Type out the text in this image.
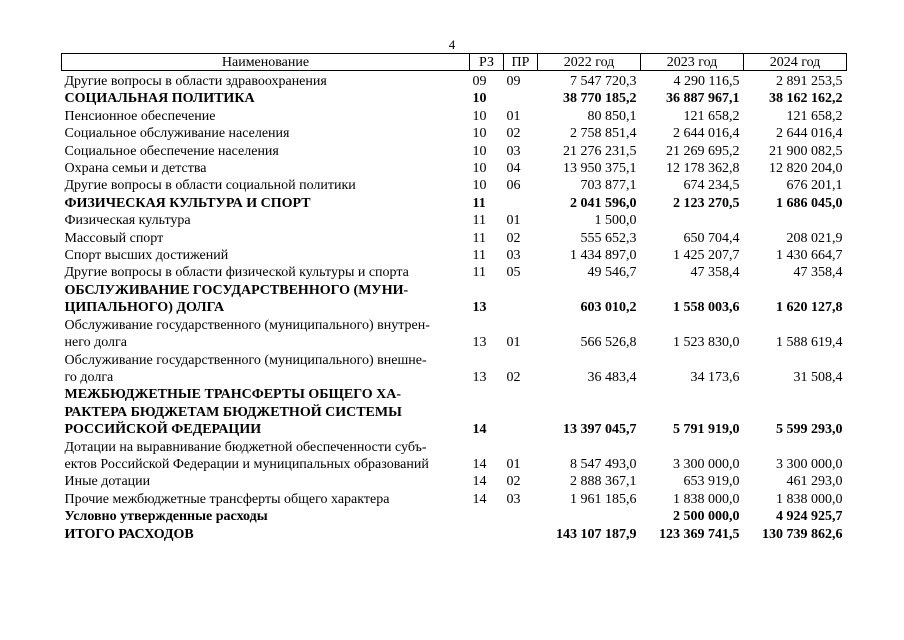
4
Наименование	РЗ	ПР	2022 год	2023 год	2024 год

Другие вопросы в области здравоохранения	09	09	7 547 720,3	4 290 116,5	2 891 253,5

СОЦИАЛЬНАЯ ПОЛИТИКА	10		38 770 185,2	36 887 967,1	38 162 162,2

Пенсионное обеспечение	10	01	80 850,1	121 658,2	121 658,2

Социальное обслуживание населения	10	02	2 758 851,4	2 644 016,4	2 644 016,4

Социальное обеспечение населения	10	03	21 276 231,5	21 269 695,2	21 900 082,5

Охрана семьи и детства	10	04	13 950 375,1	12 178 362,8	12 820 204,0

Другие вопросы в области социальной политики	10	06	703 877,1	674 234,5	676 201,1

ФИЗИЧЕСКАЯ КУЛЬТУРА И СПОРТ	11		2 041 596,0	2 123 270,5	1 686 045,0

Физическая культура	11	01	1 500,0		

Массовый спорт	11	02	555 652,3	650 704,4	208 021,9

Спорт высших достижений	11	03	1 434 897,0	1 425 207,7	1 430 664,7

Другие вопросы в области физической культуры и спорта	11	05	49 546,7	47 358,4	47 358,4

ОБСЛУЖИВАНИЕ ГОСУДАРСТВЕННОГО (МУНИ-
ЦИПАЛЬНОГО) ДОЛГА	13		603 010,2	1 558 003,6	1 620 127,8

Обслуживание государственного (муниципального) внутрен-
него долга	13	01	566 526,8	1 523 830,0	1 588 619,4

Обслуживание государственного (муниципального) внешне-
го долга	13	02	36 483,4	34 173,6	31 508,4

МЕЖБЮДЖЕТНЫЕ ТРАНСФЕРТЫ ОБЩЕГО ХА-
РАКТЕРА БЮДЖЕТАМ БЮДЖЕТНОЙ СИСТЕМЫ
РОССИЙСКОЙ ФЕДЕРАЦИИ	14		13 397 045,7	5 791 919,0	5 599 293,0

Дотации на выравнивание бюджетной обеспеченности субъ-
ектов Российской Федерации и муниципальных образований	14	01	8 547 493,0	3 300 000,0	3 300 000,0

Иные дотации	14	02	2 888 367,1	653 919,0	461 293,0

Прочие межбюджетные трансферты общего характера	14	03	1 961 185,6	1 838 000,0	1 838 000,0

Условно утвержденные расходы				2 500 000,0	4 924 925,7

ИТОГО РАСХОДОВ			143 107 187,9	123 369 741,5	130 739 862,6
